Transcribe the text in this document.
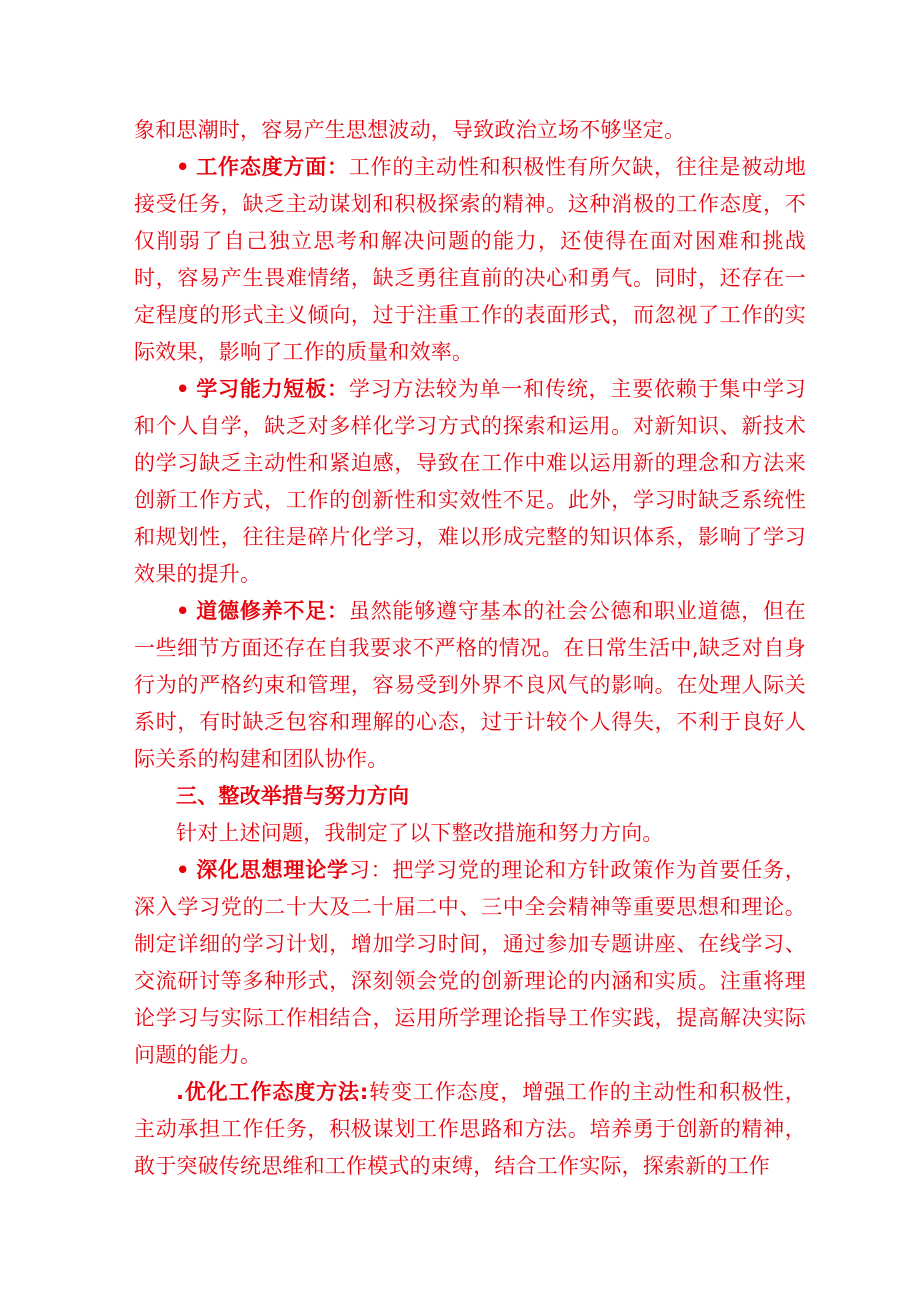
象和思潮时，容易产生思想波动，导致政治立场不够坚定。

• 工作态度方面：工作的主动性和积极性有所欠缺，往往是被动地接受任务，缺乏主动谋划和积极探索的精神。这种消极的工作态度，不仅削弱了自己独立思考和解决问题的能力，还使得在面对困难和挑战时，容易产生畏难情绪，缺乏勇往直前的决心和勇气。同时，还存在一定程度的形式主义倾向，过于注重工作的表面形式，而忽视了工作的实际效果，影响了工作的质量和效率。

• 学习能力短板：学习方法较为单一和传统，主要依赖于集中学习和个人自学，缺乏对多样化学习方式的探索和运用。对新知识、新技术的学习缺乏主动性和紧迫感，导致在工作中难以运用新的理念和方法来创新工作方式，工作的创新性和实效性不足。此外，学习时缺乏系统性和规划性，往往是碎片化学习，难以形成完整的知识体系，影响了学习效果的提升。

• 道德修养不足：虽然能够遵守基本的社会公德和职业道德，但在一些细节方面还存在自我要求不严格的情况。在日常生活中,缺乏对自身行为的严格约束和管理，容易受到外界不良风气的影响。在处理人际关系时，有时缺乏包容和理解的心态，过于计较个人得失，不利于良好人际关系的构建和团队协作。

三、整改举措与努力方向

针对上述问题，我制定了以下整改措施和努力方向。

• 深化思想理论学习：把学习党的理论和方针政策作为首要任务，深入学习党的二十大及二十届二中、三中全会精神等重要思想和理论。制定详细的学习计划，增加学习时间，通过参加专题讲座、在线学习、交流研讨等多种形式，深刻领会党的创新理论的内涵和实质。注重将理论学习与实际工作相结合，运用所学理论指导工作实践，提高解决实际问题的能力。

.优化工作态度方法:转变工作态度，增强工作的主动性和积极性，主动承担工作任务，积极谋划工作思路和方法。培养勇于创新的精神，敢于突破传统思维和工作模式的束缚，结合工作实际，探索新的工作
